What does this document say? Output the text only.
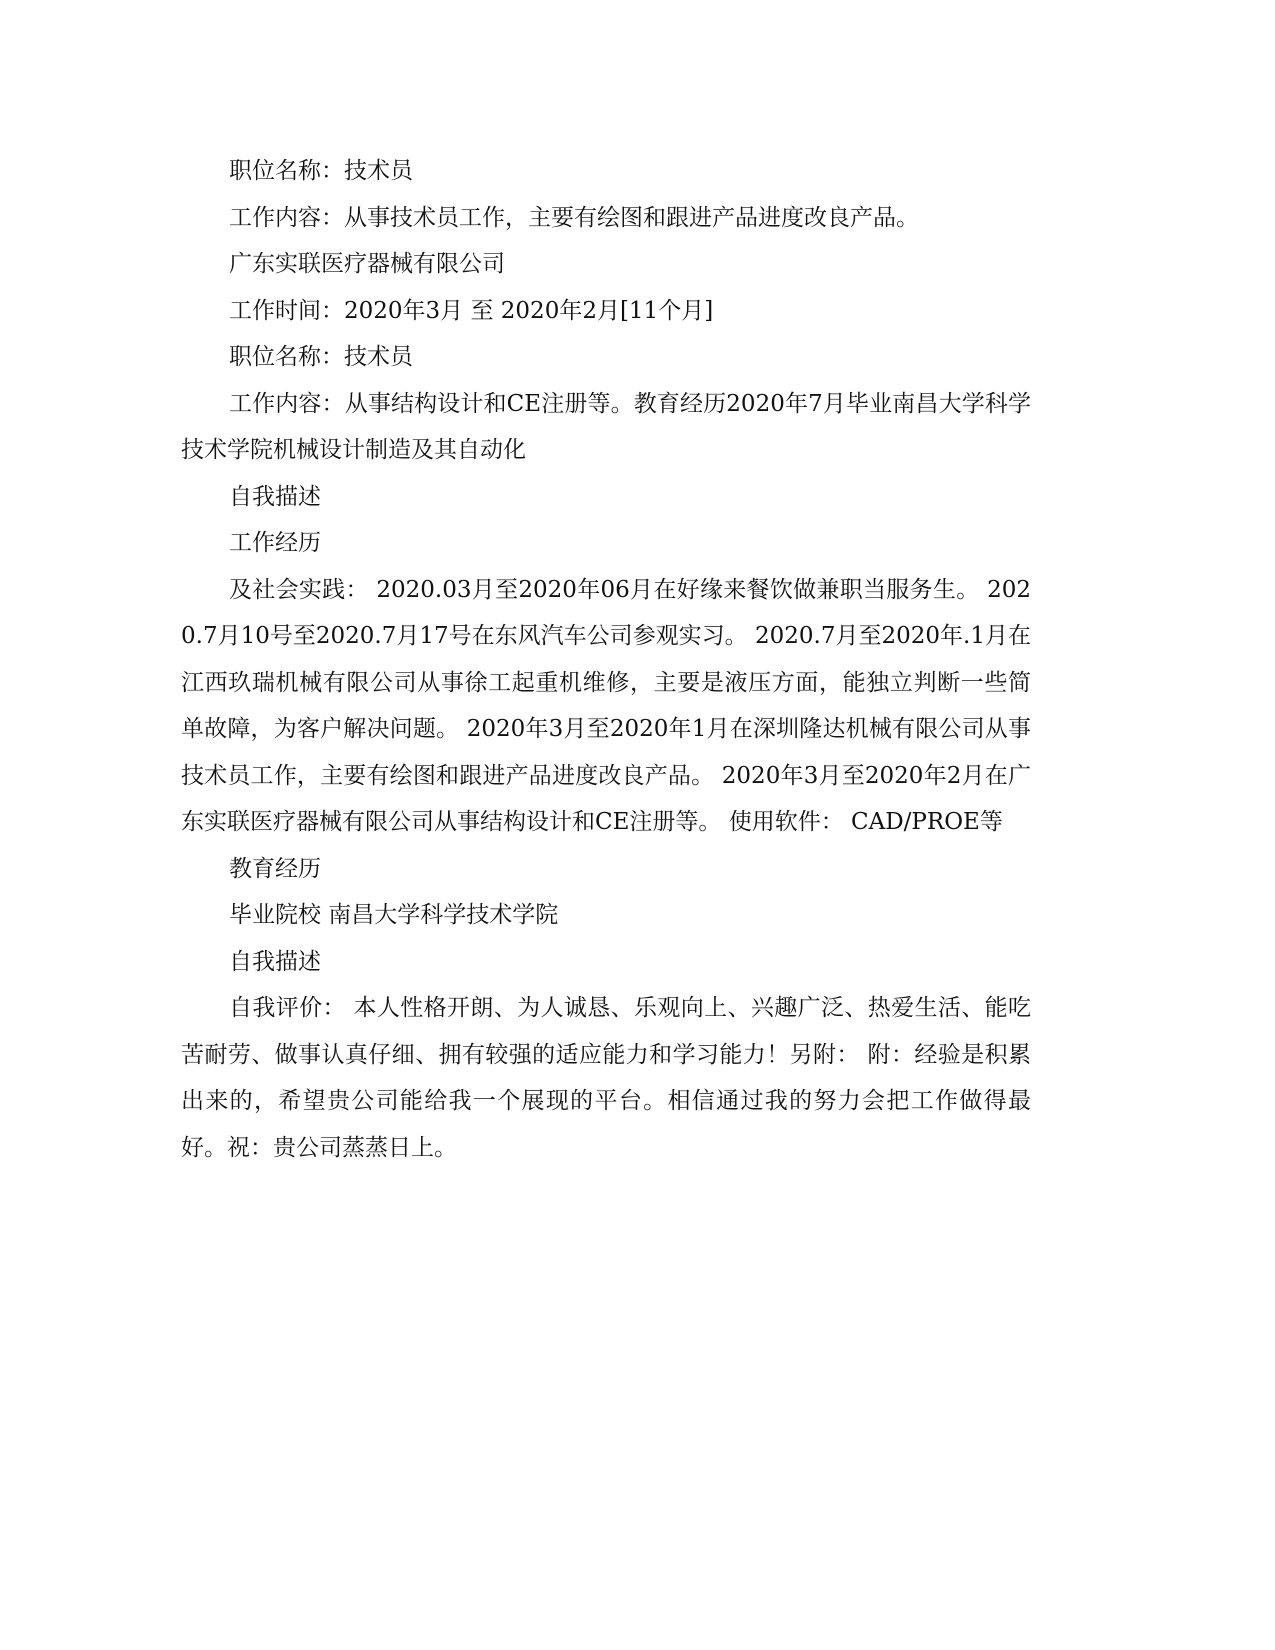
职位名称：技术员

工作内容：从事技术员工作，主要有绘图和跟进产品进度改良产品。

广东实联医疗器械有限公司

工作时间：2020年3月 至 2020年2月[11个月]

职位名称：技术员

工作内容：从事结构设计和CE注册等。教育经历2020年7月毕业南昌大学科学技术学院机械设计制造及其自动化

自我描述

工作经历

及社会实践： 2020.03月至2020年06月在好缘来餐饮做兼职当服务生。 2020.7月10号至2020.7月17号在东风汽车公司参观实习。 2020.7月至2020年.1月在江西玖瑞机械有限公司从事徐工起重机维修，主要是液压方面，能独立判断一些简单故障，为客户解决问题。 2020年3月至2020年1月在深圳隆达机械有限公司从事技术员工作，主要有绘图和跟进产品进度改良产品。 2020年3月至2020年2月在广东实联医疗器械有限公司从事结构设计和CE注册等。 使用软件： CAD/PROE等

教育经历

毕业院校 南昌大学科学技术学院

自我描述

自我评价： 本人性格开朗、为人诚恳、乐观向上、兴趣广泛、热爱生活、能吃苦耐劳、做事认真仔细、拥有较强的适应能力和学习能力！另附： 附：经验是积累出来的，希望贵公司能给我一个展现的平台。相信通过我的努力会把工作做得最好。祝：贵公司蒸蒸日上。
